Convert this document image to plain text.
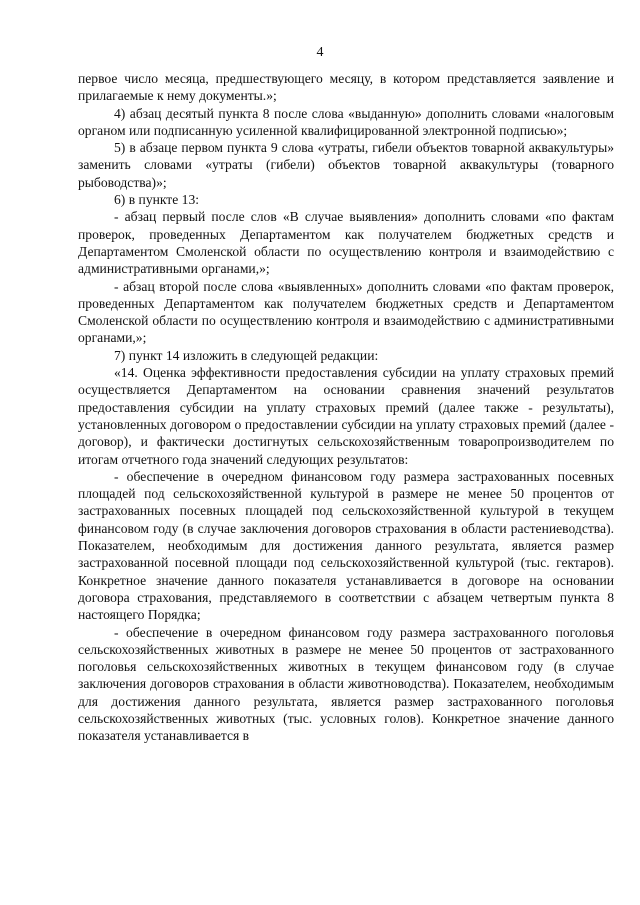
4

первое число месяца, предшествующего месяцу, в котором представляется заявление и прилагаемые к нему документы.»;

4) абзац десятый пункта 8 после слова «выданную» дополнить словами «налоговым органом или подписанную усиленной квалифицированной электронной подписью»;

5) в абзаце первом пункта 9 слова «утраты, гибели объектов товарной аквакультуры» заменить словами «утраты (гибели) объектов товарной аквакультуры (товарного рыбоводства)»;

6) в пункте 13:

- абзац первый после слов «В случае выявления» дополнить словами «по фактам проверок, проведенных Департаментом как получателем бюджетных средств и Департаментом Смоленской области по осуществлению контроля и взаимодействию с административными органами,»;

- абзац второй после слова «выявленных» дополнить словами «по фактам проверок, проведенных Департаментом как получателем бюджетных средств и Департаментом Смоленской области по осуществлению контроля и взаимодействию с административными органами,»;

7) пункт 14 изложить в следующей редакции:

«14. Оценка эффективности предоставления субсидии на уплату страховых премий осуществляется Департаментом на основании сравнения значений результатов предоставления субсидии на уплату страховых премий (далее также - результаты), установленных договором о предоставлении субсидии на уплату страховых премий (далее - договор), и фактически достигнутых сельскохозяйственным товаропроизводителем по итогам отчетного года значений следующих результатов:

- обеспечение в очередном финансовом году размера застрахованных посевных площадей под сельскохозяйственной культурой в размере не менее 50 процентов от застрахованных посевных площадей под сельскохозяйственной культурой в текущем финансовом году (в случае заключения договоров страхования в области растениеводства). Показателем, необходимым для достижения данного результата, является размер застрахованной посевной площади под сельскохозяйственной культурой (тыс. гектаров). Конкретное значение данного показателя устанавливается в договоре на основании договора страхования, представляемого в соответствии с абзацем четвертым пункта 8 настоящего Порядка;

- обеспечение в очередном финансовом году размера застрахованного поголовья сельскохозяйственных животных в размере не менее 50 процентов от застрахованного поголовья сельскохозяйственных животных в текущем финансовом году (в случае заключения договоров страхования в области животноводства). Показателем, необходимым для достижения данного результата, является размер застрахованного поголовья сельскохозяйственных животных (тыс. условных голов). Конкретное значение данного показателя устанавливается в
